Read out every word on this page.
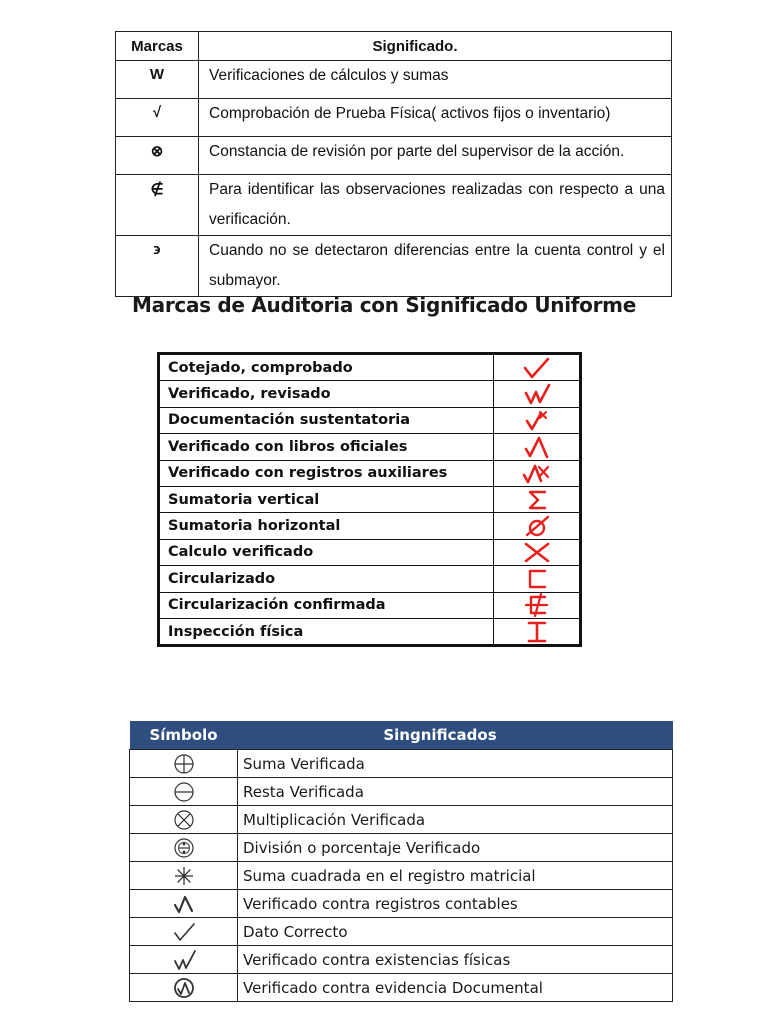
Marcas	Significado.
W	Verificaciones de cálculos y sumas
√	Comprobación de Prueba Física( activos fijos o inventario)
⊗	Constancia de revisión por parte del supervisor de la acción.
∉	Para identificar las observaciones realizadas con respecto a una verificación.
϶	Cuando no se detectaron diferencias entre la cuenta control y el submayor.
Marcas de Auditoria con Significado Uniforme
Cotejado, comprobado	

Verificado, revisado	

Documentación sustentatoria	

Verificado con libros oficiales	

Verificado con registros auxiliares	

Sumatoria vertical	

Sumatoria horizontal	

Calculo verificado	

Circularizado	

Circularización confirmada	

Inspección física	
Símbolo	Singnificados

	Suma Verificada

	Resta Verificada

	Multiplicación Verificada

	División o porcentaje Verificado

	Suma cuadrada en el registro matricial

	Verificado contra registros contables

	Dato Correcto

	Verificado contra existencias físicas

	Verificado contra evidencia Documental
